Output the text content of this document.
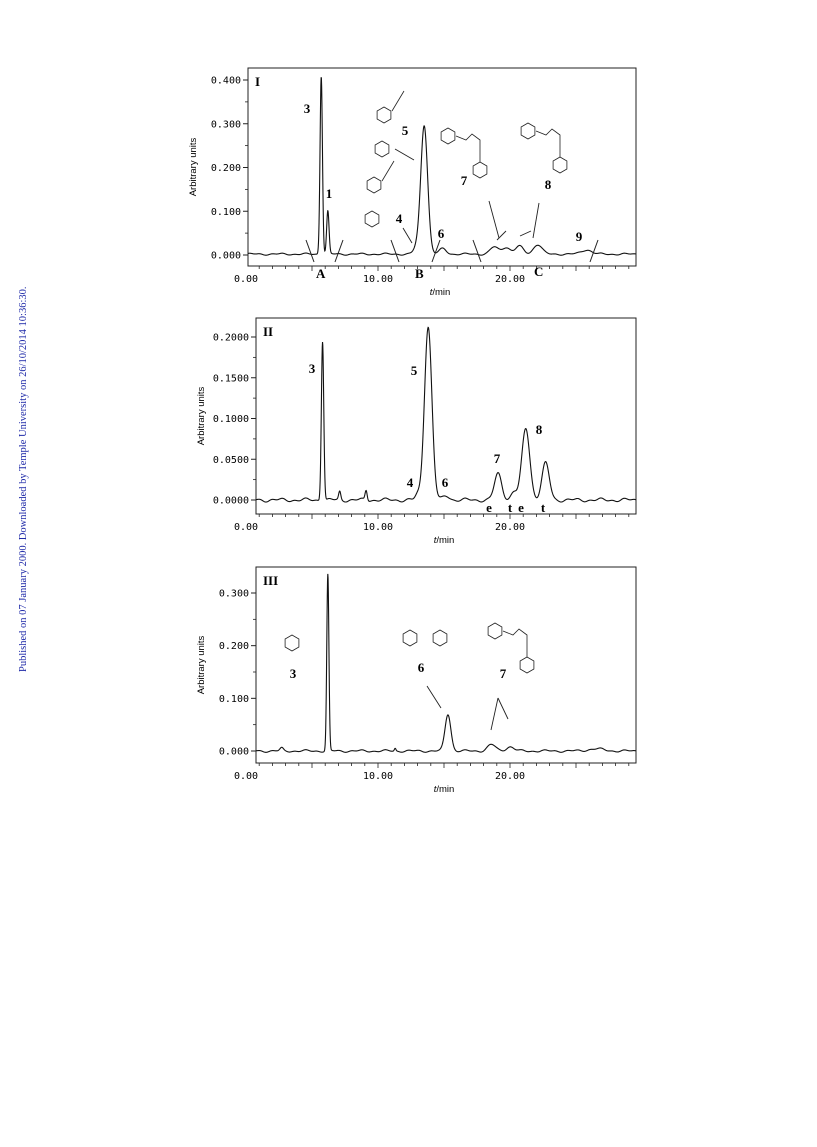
Published on 07 January 2000. Downloaded by Temple University on 26/10/2014 10:36:30.
0.000
0.100
0.200
0.300
0.400
0.00	10.00	20.00
Arbitrary units
t/min
I
3
1
4
5
6
7	8
9
A	B	C
0.0000
0.0500
0.1000
0.1500
0.2000
0.00	10.00	20.00
Arbitrary units
t/min
II
3
4
5
6
7
8
e t e t
0.000
0.100
0.200
0.300
0.00	10.00	20.00
Arbitrary units
t/min
III
3	6	7
